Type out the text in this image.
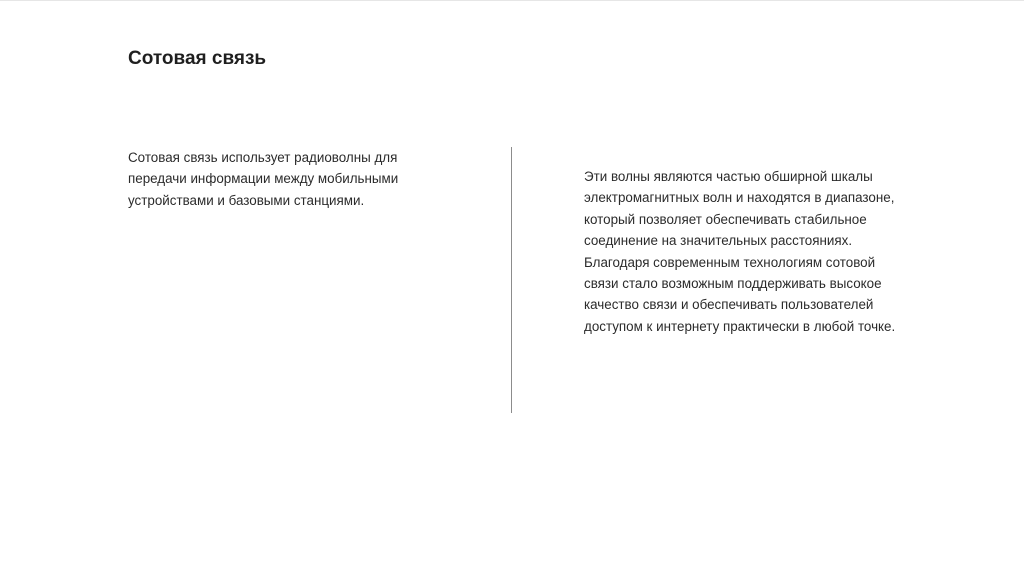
Сотовая связь
Сотовая связь использует радиоволны для
передачи информации между мобильными
устройствами и базовыми станциями.
Эти волны являются частью обширной шкалы
электромагнитных волн и находятся в диапазоне,
который позволяет обеспечивать стабильное
соединение на значительных расстояниях.
Благодаря современным технологиям сотовой
связи стало возможным поддерживать высокое
качество связи и обеспечивать пользователей
доступом к интернету практически в любой точке.
